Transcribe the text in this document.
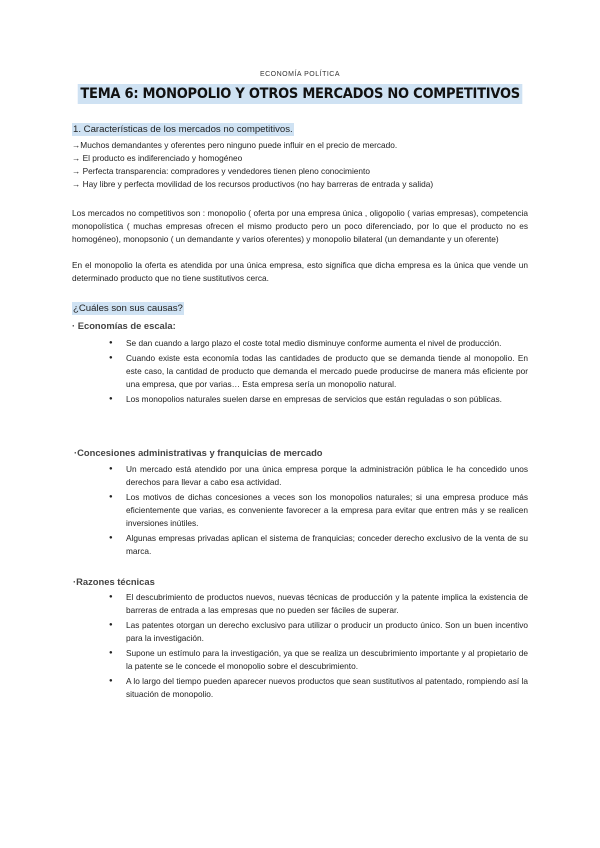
ECONOMÍA POLÍTICA
TEMA 6: MONOPOLIO Y OTROS MERCADOS NO COMPETITIVOS
1. Características de los mercados no competitivos.
→Muchos demandantes y oferentes pero ninguno puede influir en el precio de mercado.
→ El producto es indiferenciado y homogéneo
→ Perfecta transparencia: compradores y vendedores tienen pleno conocimiento
→ Hay libre y perfecta movilidad de los recursos productivos (no hay barreras de entrada y salida)
Los mercados no competitivos son : monopolio ( oferta por una empresa única , oligopolio ( varias empresas), competencia monopolística ( muchas empresas ofrecen el mismo producto pero un poco diferenciado, por lo que el producto no es homogéneo), monopsonio ( un demandante y varios oferentes) y monopolio bilateral (un demandante y un oferente)
En el monopolio la oferta es atendida por una única empresa, esto significa que dicha empresa es la única que vende un determinado producto que no tiene sustitutivos cerca.
¿Cuáles son sus causas?
· Economías de escala:
● Se dan cuando a largo plazo el coste total medio disminuye conforme aumenta el nivel de producción.
● Cuando existe esta economía todas las cantidades de producto que se demanda tiende al monopolio. En este caso, la cantidad de producto que demanda el mercado puede producirse de manera más eficiente por una empresa, que por varias… Esta empresa sería un monopolio natural.
● Los monopolios naturales suelen darse en empresas de servicios que están reguladas o son públicas.
·Concesiones administrativas y franquicias de mercado
● Un mercado está atendido por una única empresa porque la administración pública le ha concedido unos derechos para llevar a cabo esa actividad.
● Los motivos de dichas concesiones a veces son los monopolios naturales; si una empresa produce más eficientemente que varias, es conveniente favorecer a la empresa para evitar que entren más y se realicen inversiones inútiles.
● Algunas empresas privadas aplican el sistema de franquicias; conceder derecho exclusivo de la venta de su marca.
·Razones técnicas
● El descubrimiento de productos nuevos, nuevas técnicas de producción y la patente implica la existencia de barreras de entrada a las empresas que no pueden ser fáciles de superar.
● Las patentes otorgan un derecho exclusivo para utilizar o producir un producto único. Son un buen incentivo para la investigación.
● Supone un estímulo para la investigación, ya que se realiza un descubrimiento importante y al propietario de la patente se le concede el monopolio sobre el descubrimiento.
● A lo largo del tiempo pueden aparecer nuevos productos que sean sustitutivos al patentado, rompiendo así la situación de monopolio.
